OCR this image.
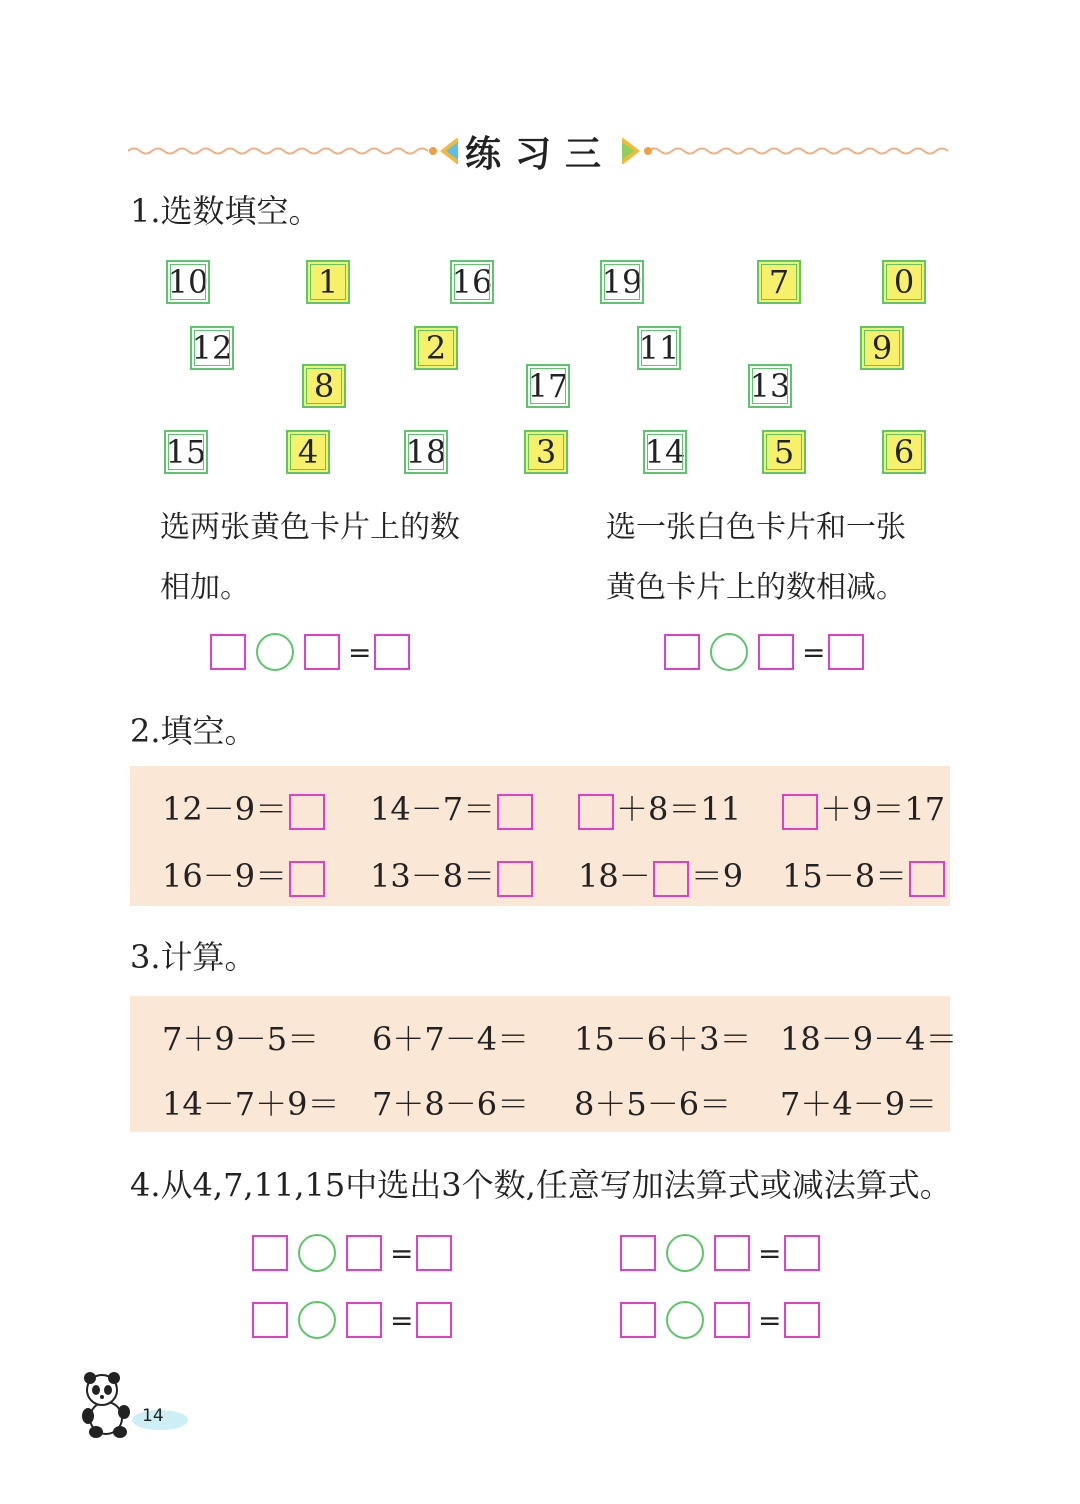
练习三
1.选数填空。
10	1	16	19	7	0
12	2	11	9
8	17	13
15	4	18	3	14	5	6
选两张黄色卡片上的数
相加。
选一张白色卡片和一张
黄色卡片上的数相减。
=	=
=	=
=	=
2.填空。
12－9＝	14－7＝	＋8＝11	＋9＝17
16－9＝	13－8＝	18－ ＝9 15－8＝
3.计算。
7＋9－5＝ 6＋7－4＝ 15－6＋3＝ 18－9－4＝
14－7＋9＝ 7＋8－6＝ 8＋5－6＝ 7＋4－9＝
4.从4,7,11,15中选出3个数,任意写加法算式或减法算式。
14
